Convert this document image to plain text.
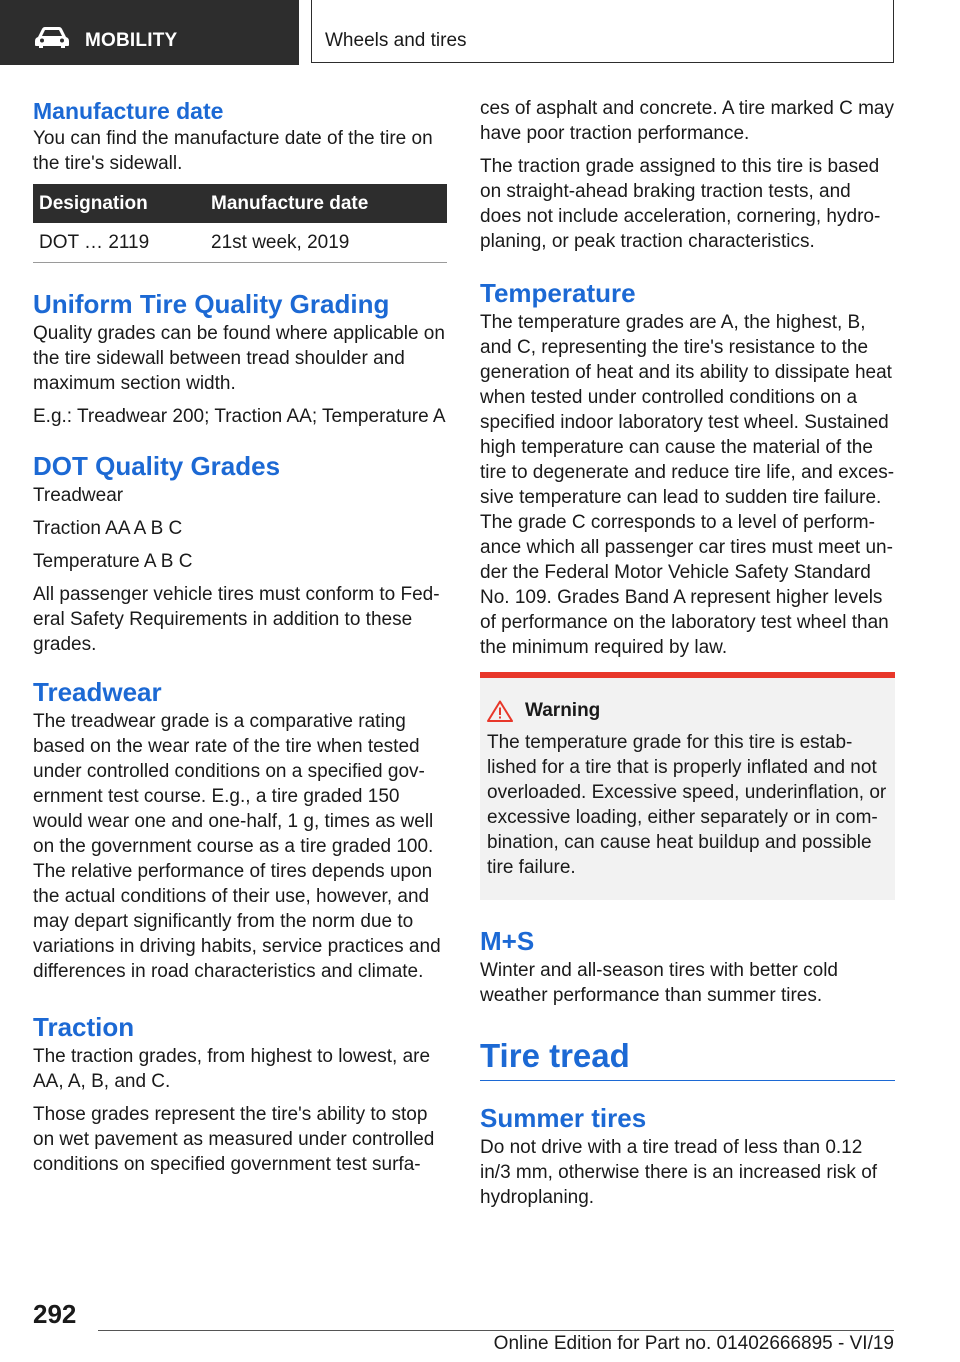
MOBILITY	Wheels and tires
Manufacture date

You can find the manufacture date of the tire on the tire's sidewall.

Designation	Manufacture date
DOT … 2119	21st week, 2019
Uniform Tire Quality Grading

Quality grades can be found where applicable on the tire sidewall between tread shoulder and maximum section width.

E.g.: Treadwear 200; Traction AA; Temperature A

DOT Quality Grades

Treadwear

Traction AA A B C

Temperature A B C

All passenger vehicle tires must conform to Fed-eral Safety Requirements in addition to these grades.

Treadwear

The treadwear grade is a comparative rating based on the wear rate of the tire when tested under controlled conditions on a specified gov-ernment test course. E.g., a tire graded 150 would wear one and one-half, 1 g, times as well on the government course as a tire graded 100. The relative performance of tires depends upon the actual conditions of their use, however, and may depart significantly from the norm due to variations in driving habits, service practices and differences in road characteristics and climate.

Traction

The traction grades, from highest to lowest, are AA, A, B, and C.

Those grades represent the tire's ability to stop on wet pavement as measured under controlled conditions on specified government test surfa-

ces of asphalt and concrete. A tire marked C may have poor traction performance.

The traction grade assigned to this tire is based on straight-ahead braking traction tests, and does not include acceleration, cornering, hydro-planing, or peak traction characteristics.

Temperature

The temperature grades are A, the highest, B, and C, representing the tire's resistance to the generation of heat and its ability to dissipate heat when tested under controlled conditions on a specified indoor laboratory test wheel. Sustained high temperature can cause the material of the tire to degenerate and reduce tire life, and exces-sive temperature can lead to sudden tire failure. The grade C corresponds to a level of perform-ance which all passenger car tires must meet un-der the Federal Motor Vehicle Safety Standard No. 109. Grades Band A represent higher levels of performance on the laboratory test wheel than the minimum required by law.

Warning

The temperature grade for this tire is estab-lished for a tire that is properly inflated and not overloaded. Excessive speed, underinflation, or excessive loading, either separately or in com-bination, can cause heat buildup and possible tire failure.

M+S

Winter and all-season tires with better cold weather performance than summer tires.

Tire tread
Summer tires

Do not drive with a tire tread of less than 0.12 in/3 mm, otherwise there is an increased risk of hydroplaning.

292
Online Edition for Part no. 01402666895 - VI/19
